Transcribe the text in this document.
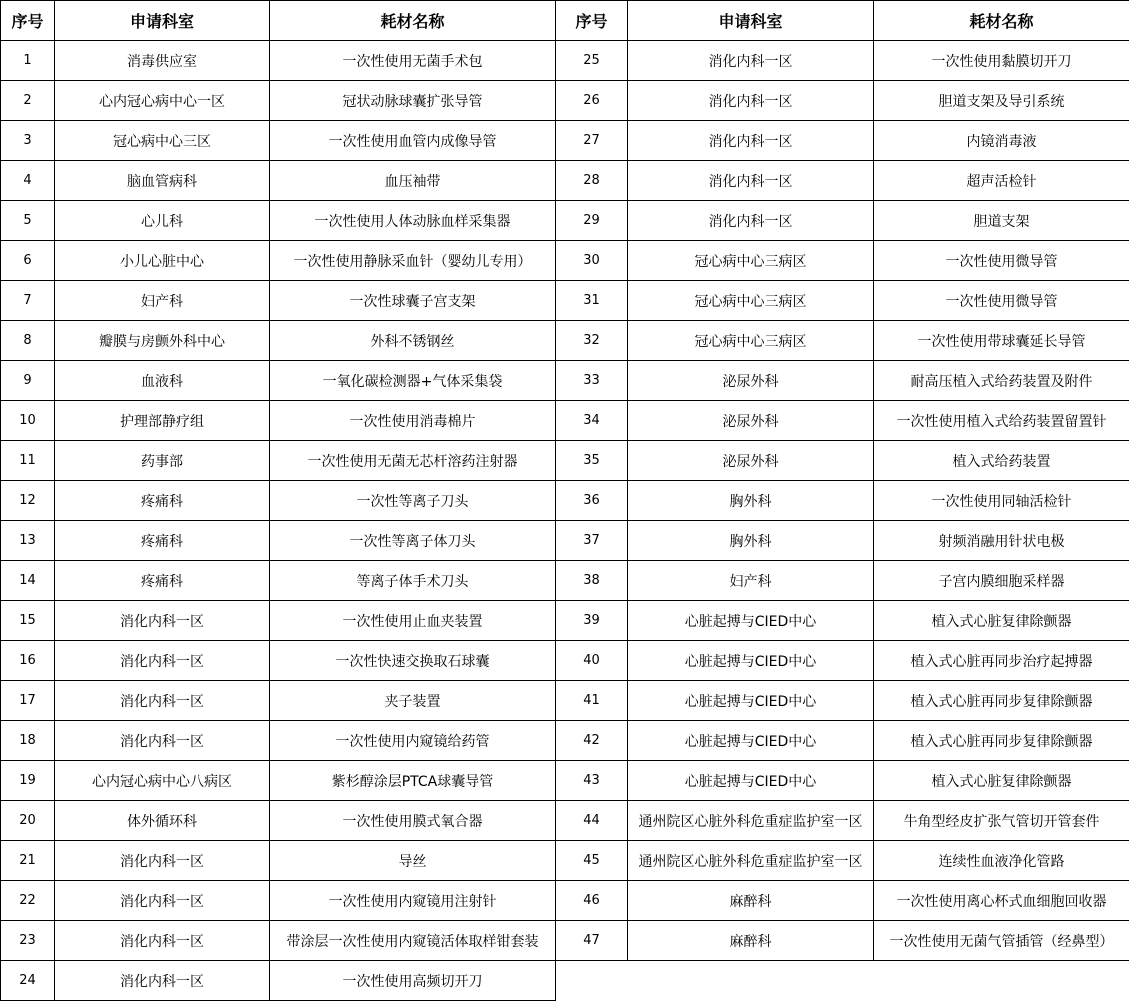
序号	申请科室	耗材名称	序号	申请科室	耗材名称
1	消毒供应室	一次性使用无菌手术包	25	消化内科一区	一次性使用黏膜切开刀
2	心内冠心病中心一区	冠状动脉球囊扩张导管	26	消化内科一区	胆道支架及导引系统
3	冠心病中心三区	一次性使用血管内成像导管	27	消化内科一区	内镜消毒液
4	脑血管病科	血压袖带	28	消化内科一区	超声活检针
5	心儿科	一次性使用人体动脉血样采集器	29	消化内科一区	胆道支架
6	小儿心脏中心	一次性使用静脉采血针（婴幼儿专用）	30	冠心病中心三病区	一次性使用微导管
7	妇产科	一次性球囊子宫支架	31	冠心病中心三病区	一次性使用微导管
8	瓣膜与房颤外科中心	外科不锈钢丝	32	冠心病中心三病区	一次性使用带球囊延长导管
9	血液科	一氧化碳检测器+气体采集袋	33	泌尿外科	耐高压植入式给药装置及附件
10	护理部静疗组	一次性使用消毒棉片	34	泌尿外科	一次性使用植入式给药装置留置针
11	药事部	一次性使用无菌无芯杆溶药注射器	35	泌尿外科	植入式给药装置
12	疼痛科	一次性等离子刀头	36	胸外科	一次性使用同轴活检针
13	疼痛科	一次性等离子体刀头	37	胸外科	射频消融用针状电极
14	疼痛科	等离子体手术刀头	38	妇产科	子宫内膜细胞采样器
15	消化内科一区	一次性使用止血夹装置	39	心脏起搏与CIED中心	植入式心脏复律除颤器
16	消化内科一区	一次性快速交换取石球囊	40	心脏起搏与CIED中心	植入式心脏再同步治疗起搏器
17	消化内科一区	夹子装置	41	心脏起搏与CIED中心	植入式心脏再同步复律除颤器
18	消化内科一区	一次性使用内窥镜给药管	42	心脏起搏与CIED中心	植入式心脏再同步复律除颤器
19	心内冠心病中心八病区	紫杉醇涂层PTCA球囊导管	43	心脏起搏与CIED中心	植入式心脏复律除颤器
20	体外循环科	一次性使用膜式氧合器	44	通州院区心脏外科危重症监护室一区	牛角型经皮扩张气管切开管套件
21	消化内科一区	导丝	45	通州院区心脏外科危重症监护室一区	连续性血液净化管路
22	消化内科一区	一次性使用内窥镜用注射针	46	麻醉科	一次性使用离心杯式血细胞回收器
23	消化内科一区	带涂层一次性使用内窥镜活体取样钳套装	47	麻醉科	一次性使用无菌气管插管（经鼻型）
24	消化内科一区	一次性使用高频切开刀			
